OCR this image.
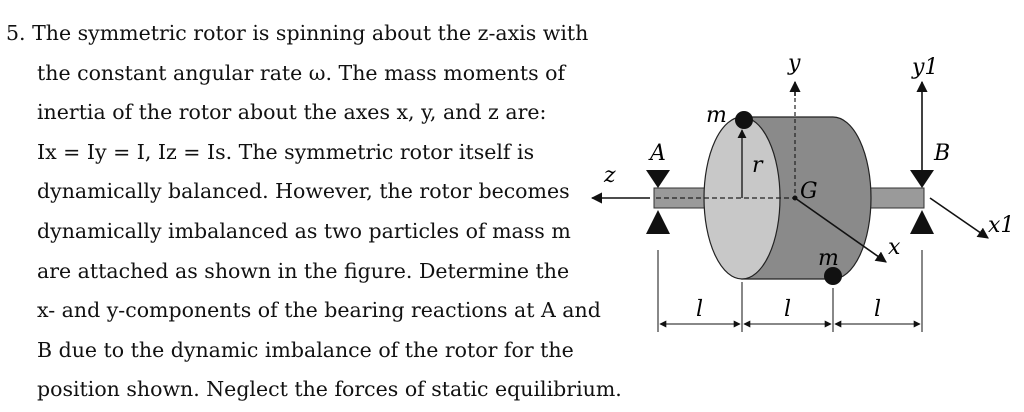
5. The symmetric rotor is spinning about the z-axis with
the constant angular rate ω. The mass moments of
inertia of the rotor about the axes x, y, and z are:
Ix = Iy = I, Iz = Is. The symmetric rotor itself is
dynamically balanced. However, the rotor becomes
dynamically imbalanced as two particles of mass m
are attached as shown in the figure. Determine the
x- and y-components of the bearing reactions at A and
B due to the dynamic imbalance of the rotor for the
position shown. Neglect the forces of static equilibrium.
y	y1
m
A	B
z	r
G
m x
x1
l	l	l
